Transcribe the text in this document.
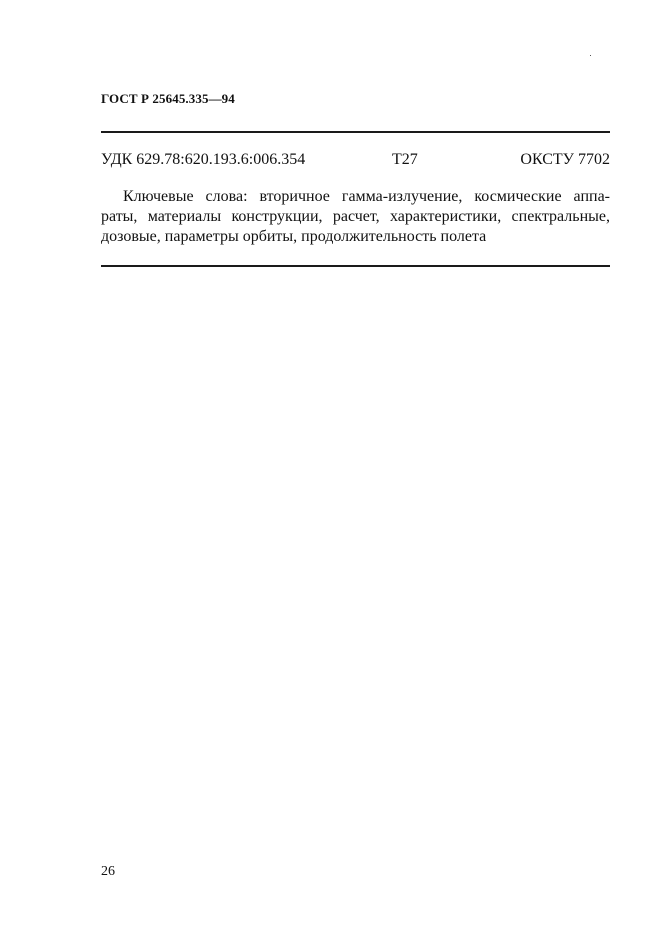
ГОСТ Р 25645.335—94
УДК 629.78:620.193.6:006.354	Т27	ОКСТУ 7702
Ключевые слова: вторичное гамма-излучение, космические аппа-
раты, материалы конструкции, расчет, характеристики, спектральные,
дозовые, параметры орбиты, продолжительность полета
26
